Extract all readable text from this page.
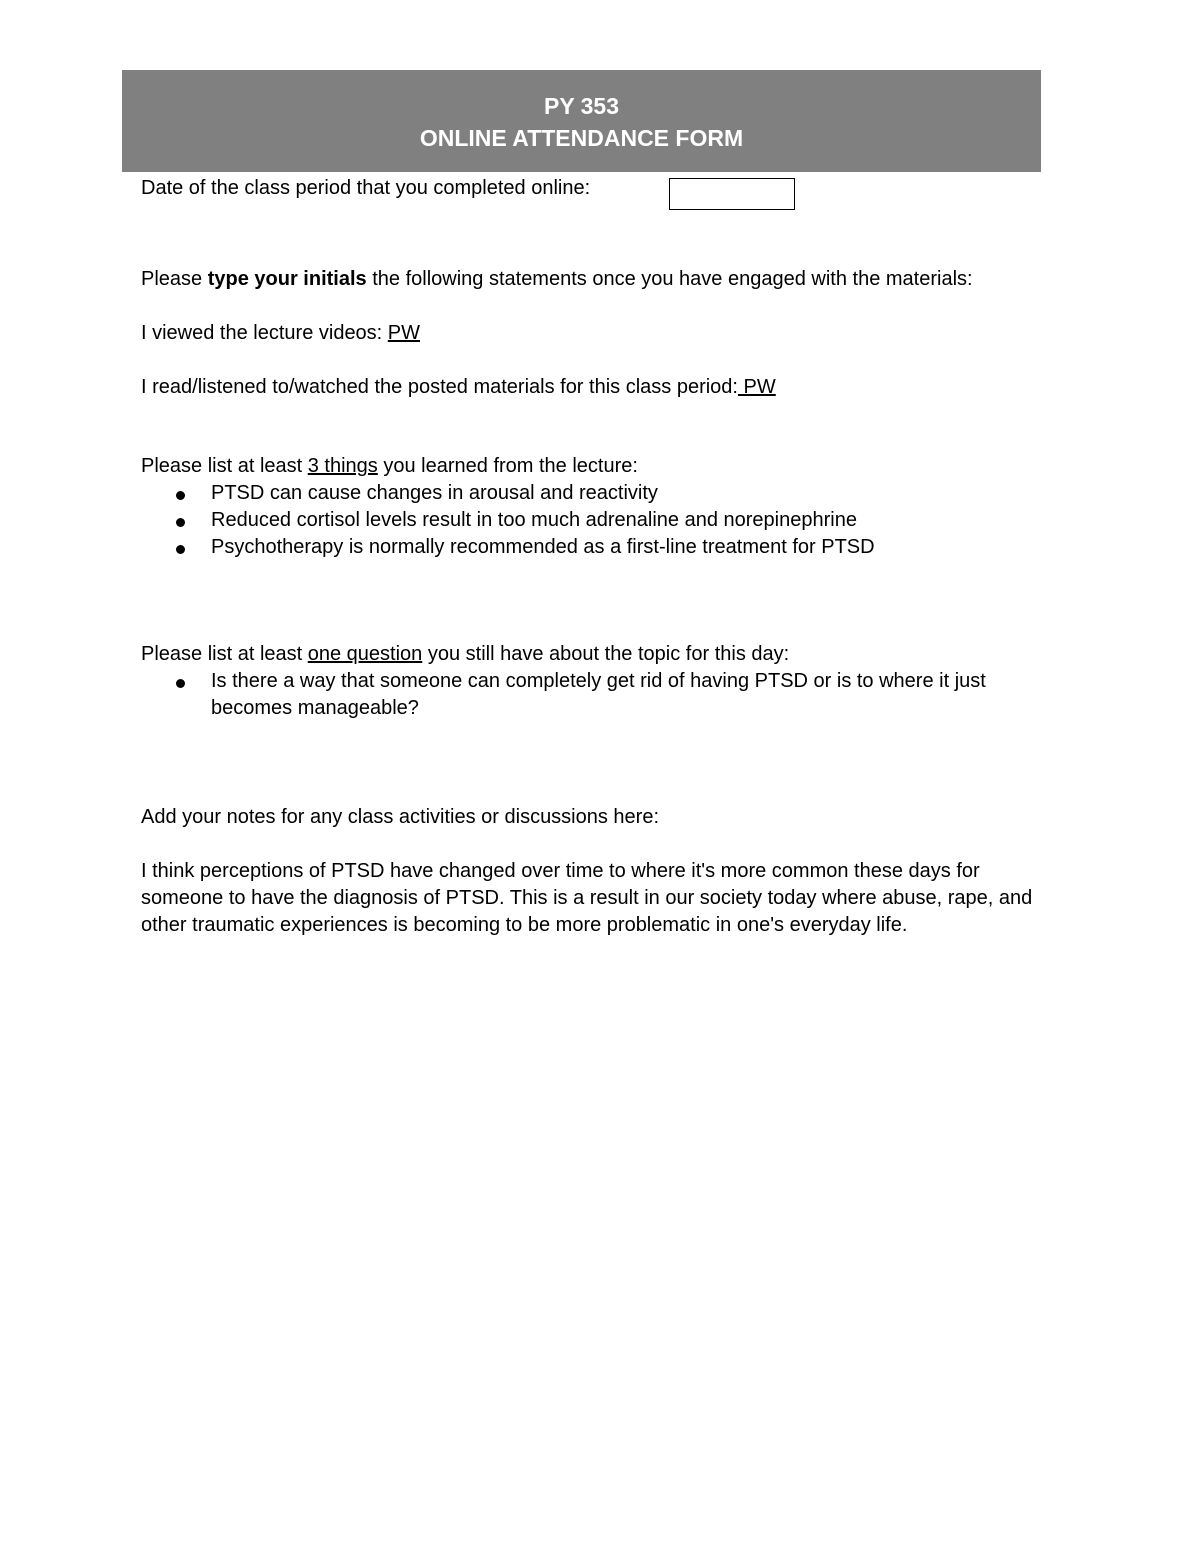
PY 353
ONLINE ATTENDANCE FORM
Date of the class period that you completed online:

Please type your initials the following statements once you have engaged with the materials:

I viewed the lecture videos: PW

I read/listened to/watched the posted materials for this class period: PW

Please list at least 3 things you learned from the lecture:

PTSD can cause changes in arousal and reactivity
Reduced cortisol levels result in too much adrenaline and norepinephrine
Psychotherapy is normally recommended as a first-line treatment for PTSD

Please list at least one question you still have about the topic for this day:

Is there a way that someone can completely get rid of having PTSD or is to where it just becomes manageable?

Add your notes for any class activities or discussions here:

I think perceptions of PTSD have changed over time to where it's more common these days for someone to have the diagnosis of PTSD. This is a result in our society today where abuse, rape, and other traumatic experiences is becoming to be more problematic in one's everyday life.
